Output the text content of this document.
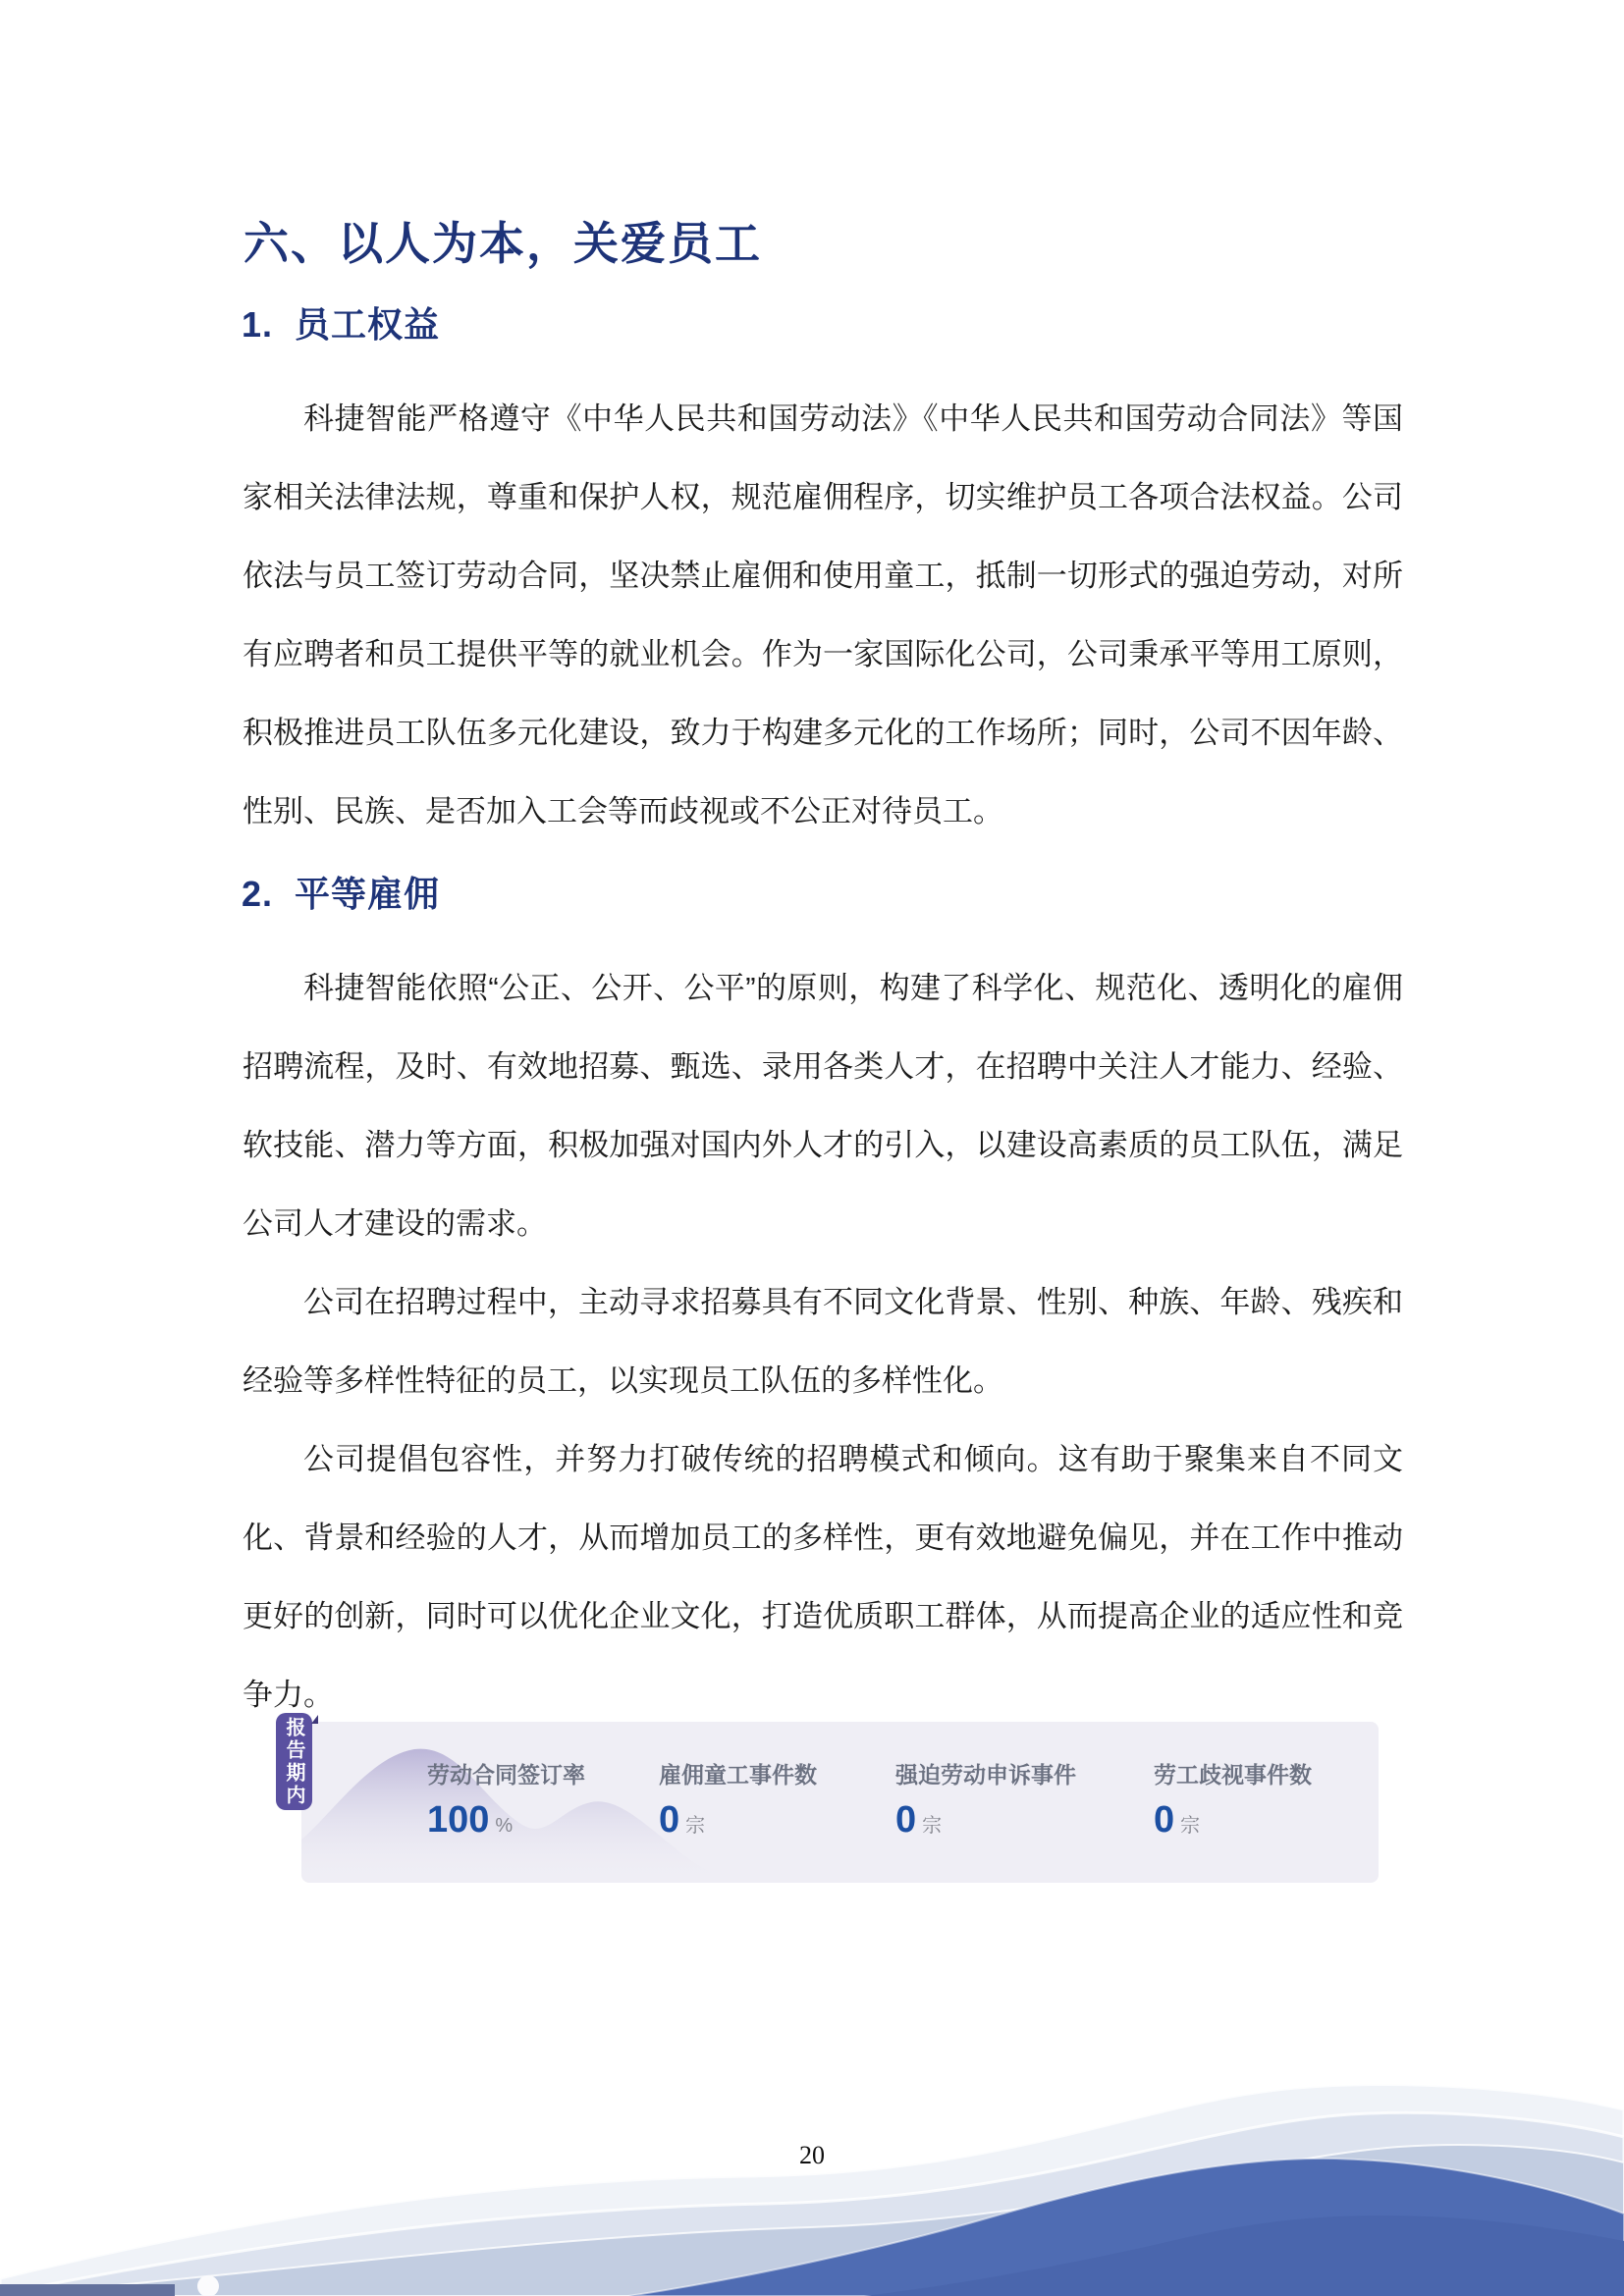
六、以人为本，关爱员工
1. 员工权益
科捷智能严格遵守《中华人民共和国劳动法》《中华人民共和国劳动合同法》等国家相关法律法规，尊重和保护人权，规范雇佣程序，切实维护员工各项合法权益。公司依法与员工签订劳动合同，坚决禁止雇佣和使用童工，抵制一切形式的强迫劳动，对所有应聘者和员工提供平等的就业机会。作为一家国际化公司，公司秉承平等用工原则，积极推进员工队伍多元化建设，致力于构建多元化的工作场所；同时，公司不因年龄、性别、民族、是否加入工会等而歧视或不公正对待员工。
2. 平等雇佣
科捷智能依照“公正、公开、公平”的原则，构建了科学化、规范化、透明化的雇佣招聘流程，及时、有效地招募、甄选、录用各类人才，在招聘中关注人才能力、经验、软技能、潜力等方面，积极加强对国内外人才的引入，以建设高素质的员工队伍，满足公司人才建设的需求。
公司在招聘过程中，主动寻求招募具有不同文化背景、性别、种族、年龄、残疾和经验等多样性特征的员工，以实现员工队伍的多样性化。
公司提倡包容性，并努力打破传统的招聘模式和倾向。这有助于聚集来自不同文化、背景和经验的人才，从而增加员工的多样性，更有效地避免偏见，并在工作中推动更好的创新，同时可以优化企业文化，打造优质职工群体，从而提高企业的适应性和竞争力。
劳动合同签订率
100 %
雇佣童工事件数
0 宗
强迫劳动申诉事件
0 宗
劳工歧视事件数
0 宗
报告期内
20
